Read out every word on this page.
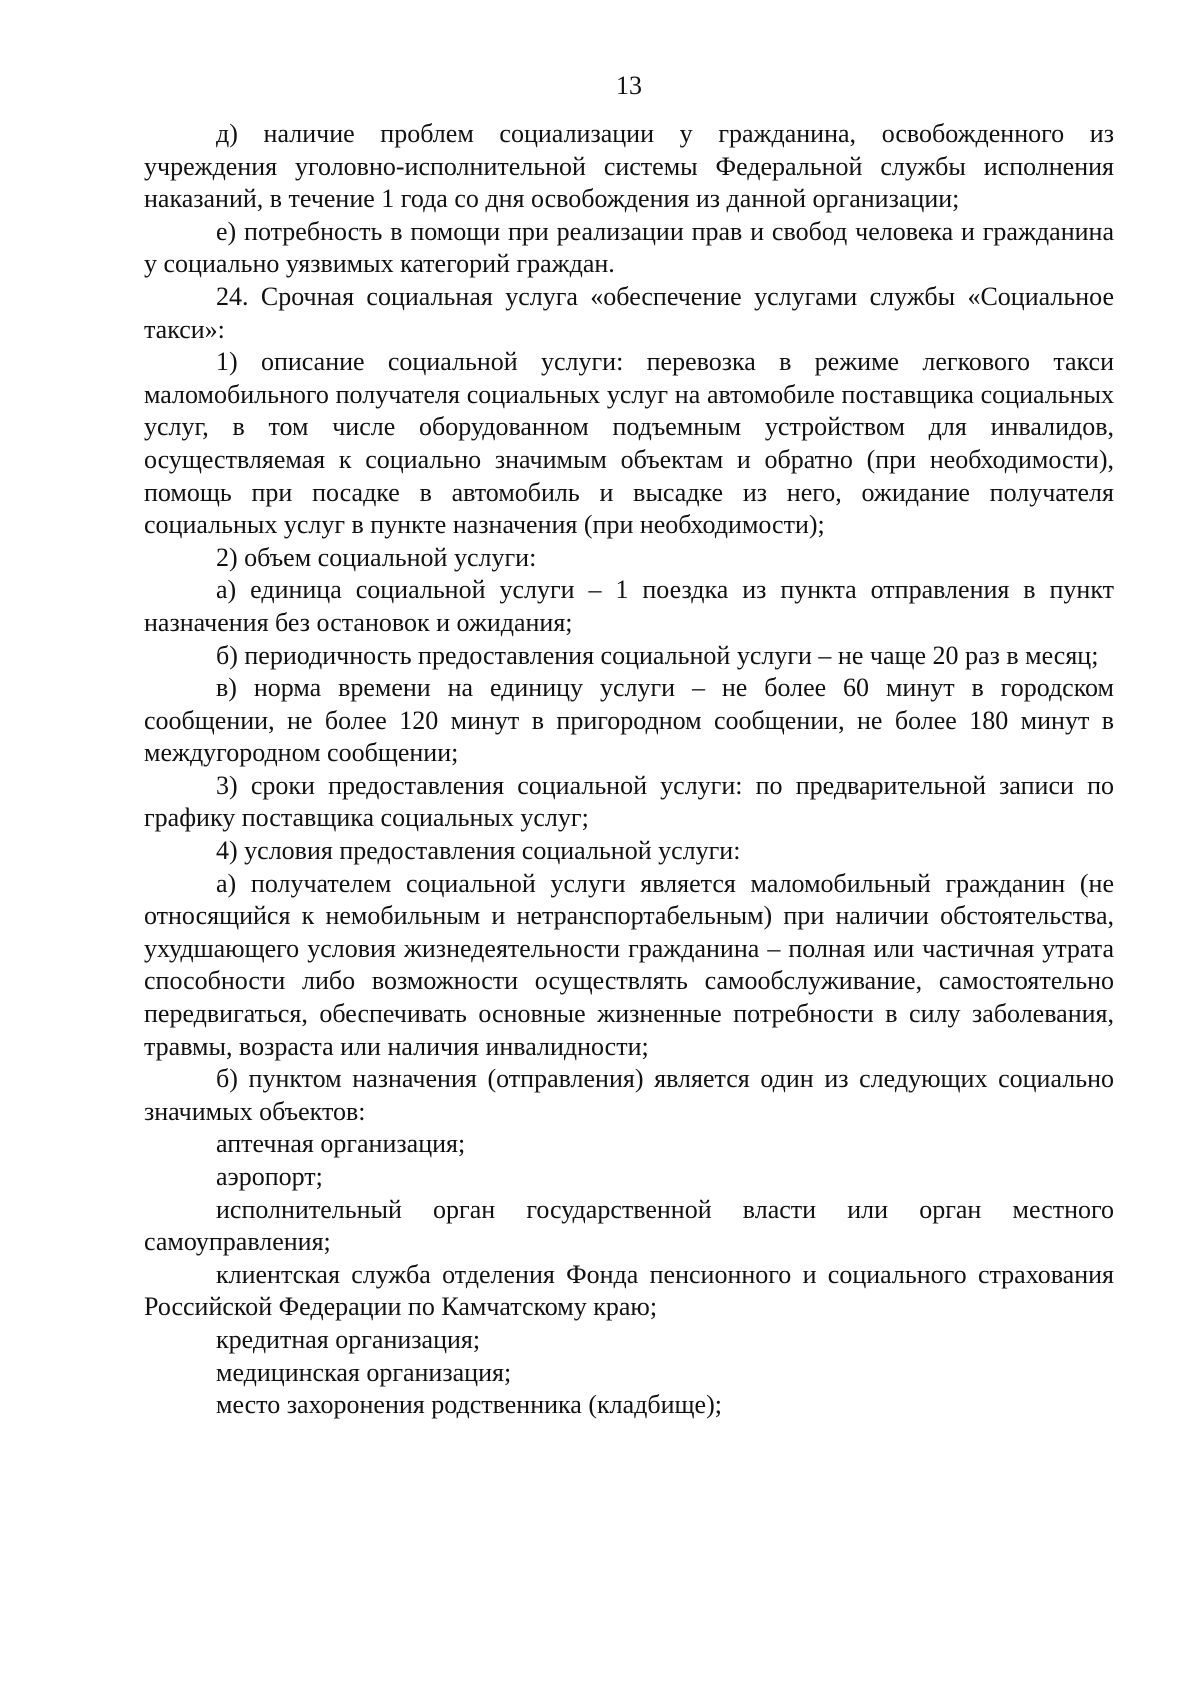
13

д) наличие проблем социализации у гражданина, освобожденного из учреждения уголовно-исполнительной системы Федеральной службы исполнения наказаний, в течение 1 года со дня освобождения из данной организации;

е) потребность в помощи при реализации прав и свобод человека и гражданина у социально уязвимых категорий граждан.

24. Срочная социальная услуга «обеспечение услугами службы «Социальное такси»:

1) описание социальной услуги: перевозка в режиме легкового такси маломобильного получателя социальных услуг на автомобиле поставщика социальных услуг, в том числе оборудованном подъемным устройством для инвалидов, осуществляемая к социально значимым объектам и обратно (при необходимости), помощь при посадке в автомобиль и высадке из него, ожидание получателя социальных услуг в пункте назначения (при необходимости);

2) объем социальной услуги:

а) единица социальной услуги – 1 поездка из пункта отправления в пункт назначения без остановок и ожидания;

б) периодичность предоставления социальной услуги – не чаще 20 раз в месяц;

в) норма времени на единицу услуги – не более 60 минут в городском сообщении, не более 120 минут в пригородном сообщении, не более 180 минут в междугородном сообщении;

3) сроки предоставления социальной услуги: по предварительной записи по графику поставщика социальных услуг;

4) условия предоставления социальной услуги:

а) получателем социальной услуги является маломобильный гражданин (не относящийся к немобильным и нетранспортабельным) при наличии обстоятельства, ухудшающего условия жизнедеятельности гражданина – полная или частичная утрата способности либо возможности осуществлять самообслуживание, самостоятельно передвигаться, обеспечивать основные жизненные потребности в силу заболевания, травмы, возраста или наличия инвалидности;

б) пунктом назначения (отправления) является один из следующих социально значимых объектов:

аптечная организация;

аэропорт;

исполнительный орган государственной власти или орган местного самоуправления;

клиентская служба отделения Фонда пенсионного и социального страхования Российской Федерации по Камчатскому краю;

кредитная организация;

медицинская организация;

место захоронения родственника (кладбище);
